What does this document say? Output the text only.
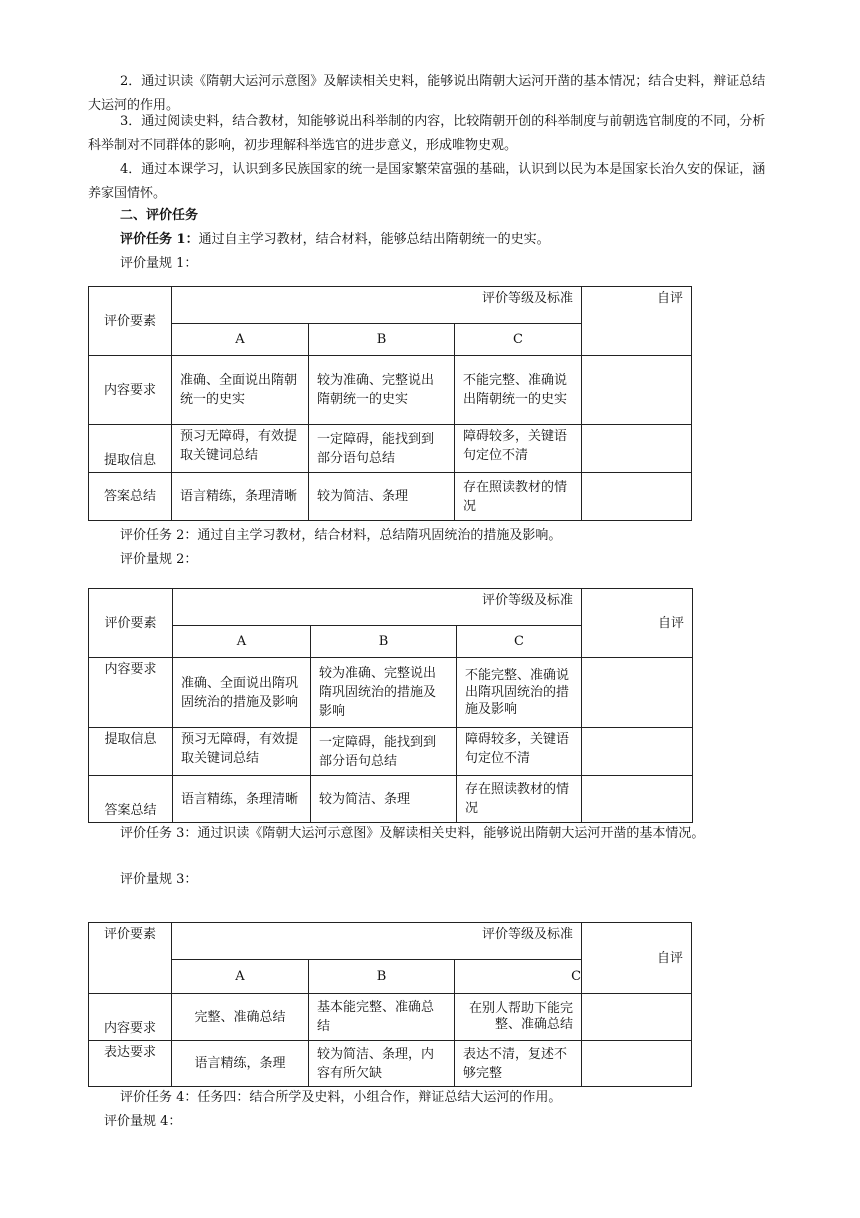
2．通过识读《隋朝大运河示意图》及解读相关史料，能够说出隋朝大运河开凿的基本情况；结合史料，辩证总结大运河的作用。

3．通过阅读史料，结合教材，知能够说出科举制的内容，比较隋朝开创的科举制度与前朝选官制度的不同，分析科举制对不同群体的影响，初步理解科举选官的进步意义，形成唯物史观。

4．通过本课学习，认识到多民族国家的统一是国家繁荣富强的基础，认识到以民为本是国家长治久安的保证，涵养家国情怀。

二、评价任务

评价任务 1：通过自主学习教材，结合材料，能够总结出隋朝统一的史实。

评价量规 1：

评价要素	评价等级及标准			自评
	A	B	C	
内容要求	准确、全面说出隋朝统一的史实	较为准确、完整说出隋朝统一的史实	不能完整、准确说出隋朝统一的史实	
提取信息	预习无障碍，有效提取关键词总结	一定障碍，能找到到部分语句总结	障碍较多，关键语句定位不清	
答案总结	语言精练，条理清晰	较为简洁、条理	存在照读教材的情况	

评价任务 2：通过自主学习教材，结合材料，总结隋巩固统治的措施及影响。

评价量规 2：

评价要素	评价等级及标准			自评
	A	B	C	
内容要求	准确、全面说出隋巩固统治的措施及影响	较为准确、完整说出隋巩固统治的措施及影响	不能完整、准确说出隋巩固统治的措施及影响	
提取信息	预习无障碍，有效提取关键词总结	一定障碍，能找到到部分语句总结	障碍较多，关键语句定位不清	
答案总结	语言精练，条理清晰	较为简洁、条理	存在照读教材的情况	

评价任务 3：通过识读《隋朝大运河示意图》及解读相关史料，能够说出隋朝大运河开凿的基本情况。

评价量规 3：

评价要素	评价等级及标准			自评
	A	B	C	
内容要求	完整、准确总结	基本能完整、准确总结	在别人帮助下能完整、准确总结	
表达要求	语言精练，条理	较为简洁、条理，内容有所欠缺	表达不清，复述不够完整	

评价任务 4：任务四：结合所学及史料，小组合作，辩证总结大运河的作用。

评价量规 4：
